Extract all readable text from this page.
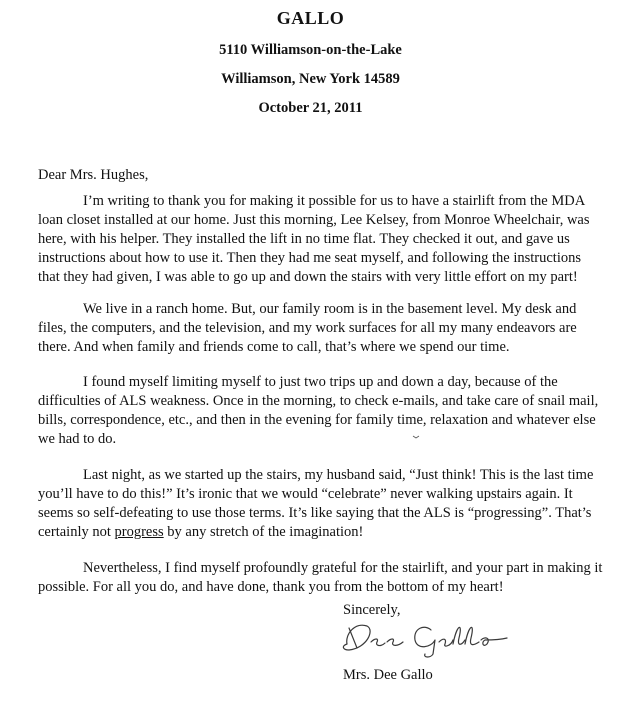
GALLO
5110 Williamson-on-the-Lake
Williamson, New York 14589
October 21, 2011
Dear Mrs. Hughes,
I’m writing to thank you for making it possible for us to have a stairlift from the MDA
loan closet installed at our home. Just this morning, Lee Kelsey, from Monroe Wheelchair, was
here, with his helper. They installed the lift in no time flat. They checked it out, and gave us
instructions about how to use it. Then they had me seat myself, and following the instructions
that they had given, I was able to go up and down the stairs with very little effort on my part!
We live in a ranch home. But, our family room is in the basement level. My desk and
files, the computers, and the television, and my work surfaces for all my many endeavors are
there. And when family and friends come to call, that’s where we spend our time.
I found myself limiting myself to just two trips up and down a day, because of the
difficulties of ALS weakness. Once in the morning, to check e-mails, and take care of snail mail,
bills, correspondence, etc., and then in the evening for family time, relaxation and whatever else
we had to do.
Last night, as we started up the stairs, my husband said, “Just think! This is the last time
you’ll have to do this!” It’s ironic that we would “celebrate” never walking upstairs again. It
seems so self-defeating to use those terms. It’s like saying that the ALS is “progressing”. That’s
certainly not progress by any stretch of the imagination!
Nevertheless, I find myself profoundly grateful for the stairlift, and your part in making it
possible. For all you do, and have done, thank you from the bottom of my heart!
Sincerely,
Mrs. Dee Gallo
